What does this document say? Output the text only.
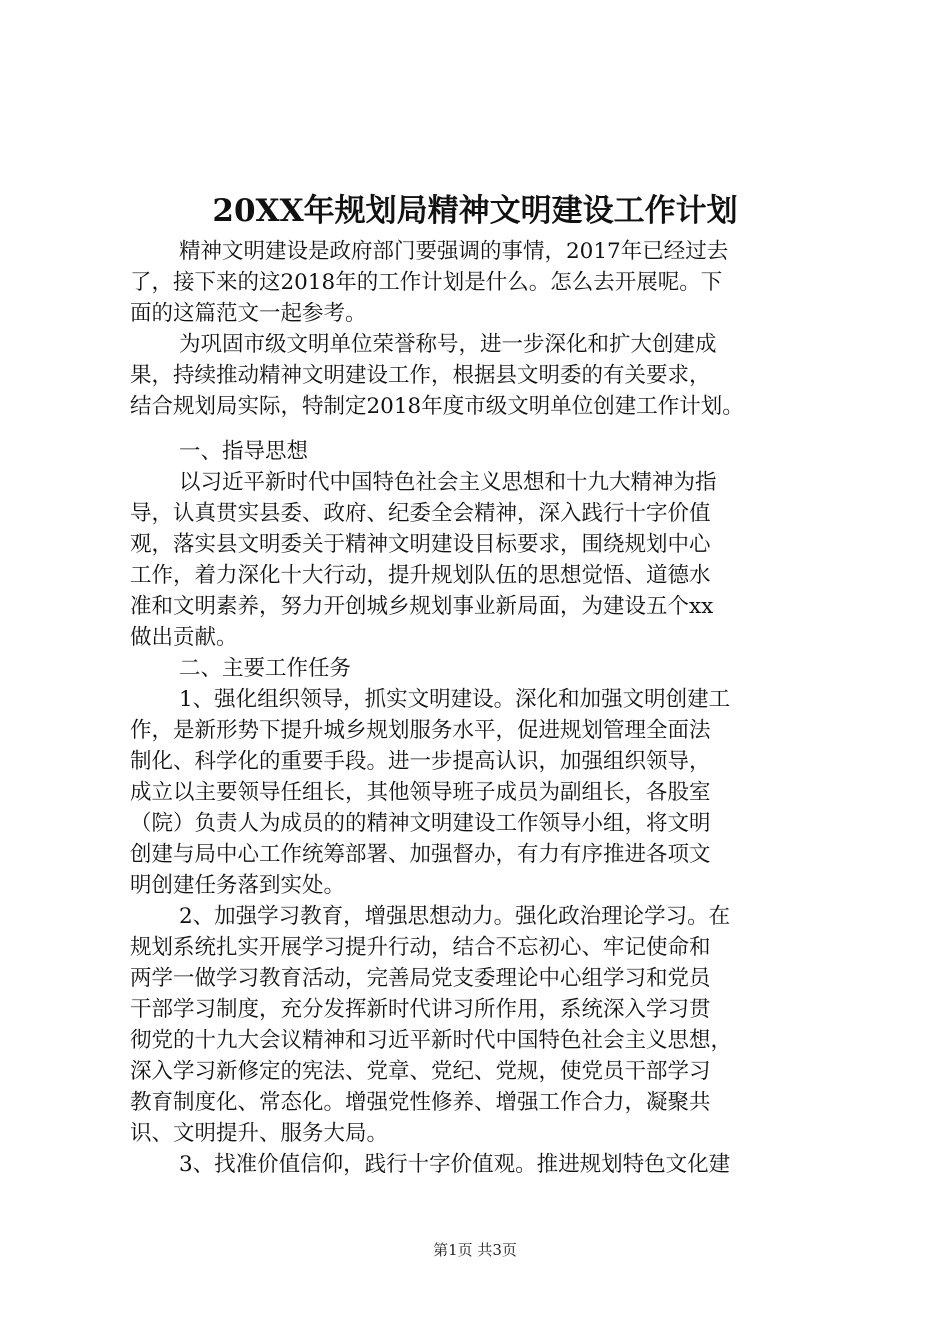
20XX年规划局精神文明建设工作计划
精神文明建设是政府部门要强调的事情，2017年已经过去
了，接下来的这2018年的工作计划是什么。怎么去开展呢。下
面的这篇范文一起参考。
为巩固市级文明单位荣誉称号，进一步深化和扩大创建成
果，持续推动精神文明建设工作，根据县文明委的有关要求，
结合规划局实际，特制定2018年度市级文明单位创建工作计划。
一、指导思想
以习近平新时代中国特色社会主义思想和十九大精神为指
导，认真贯实县委、政府、纪委全会精神，深入践行十字价值
观，落实县文明委关于精神文明建设目标要求，围绕规划中心
工作，着力深化十大行动，提升规划队伍的思想觉悟、道德水
准和文明素养，努力开创城乡规划事业新局面，为建设五个xx
做出贡献。
二、主要工作任务
1、强化组织领导，抓实文明建设。深化和加强文明创建工
作，是新形势下提升城乡规划服务水平，促进规划管理全面法
制化、科学化的重要手段。进一步提高认识，加强组织领导，
成立以主要领导任组长，其他领导班子成员为副组长，各股室
（院）负责人为成员的的精神文明建设工作领导小组，将文明
创建与局中心工作统筹部署、加强督办，有力有序推进各项文
明创建任务落到实处。
2、加强学习教育，增强思想动力。强化政治理论学习。在
规划系统扎实开展学习提升行动，结合不忘初心、牢记使命和
两学一做学习教育活动，完善局党支委理论中心组学习和党员
干部学习制度，充分发挥新时代讲习所作用，系统深入学习贯
彻党的十九大会议精神和习近平新时代中国特色社会主义思想，
深入学习新修定的宪法、党章、党纪、党规，使党员干部学习
教育制度化、常态化。增强党性修养、增强工作合力，凝聚共
识、文明提升、服务大局。
3、找准价值信仰，践行十字价值观。推进规划特色文化建
第1页 共3页
